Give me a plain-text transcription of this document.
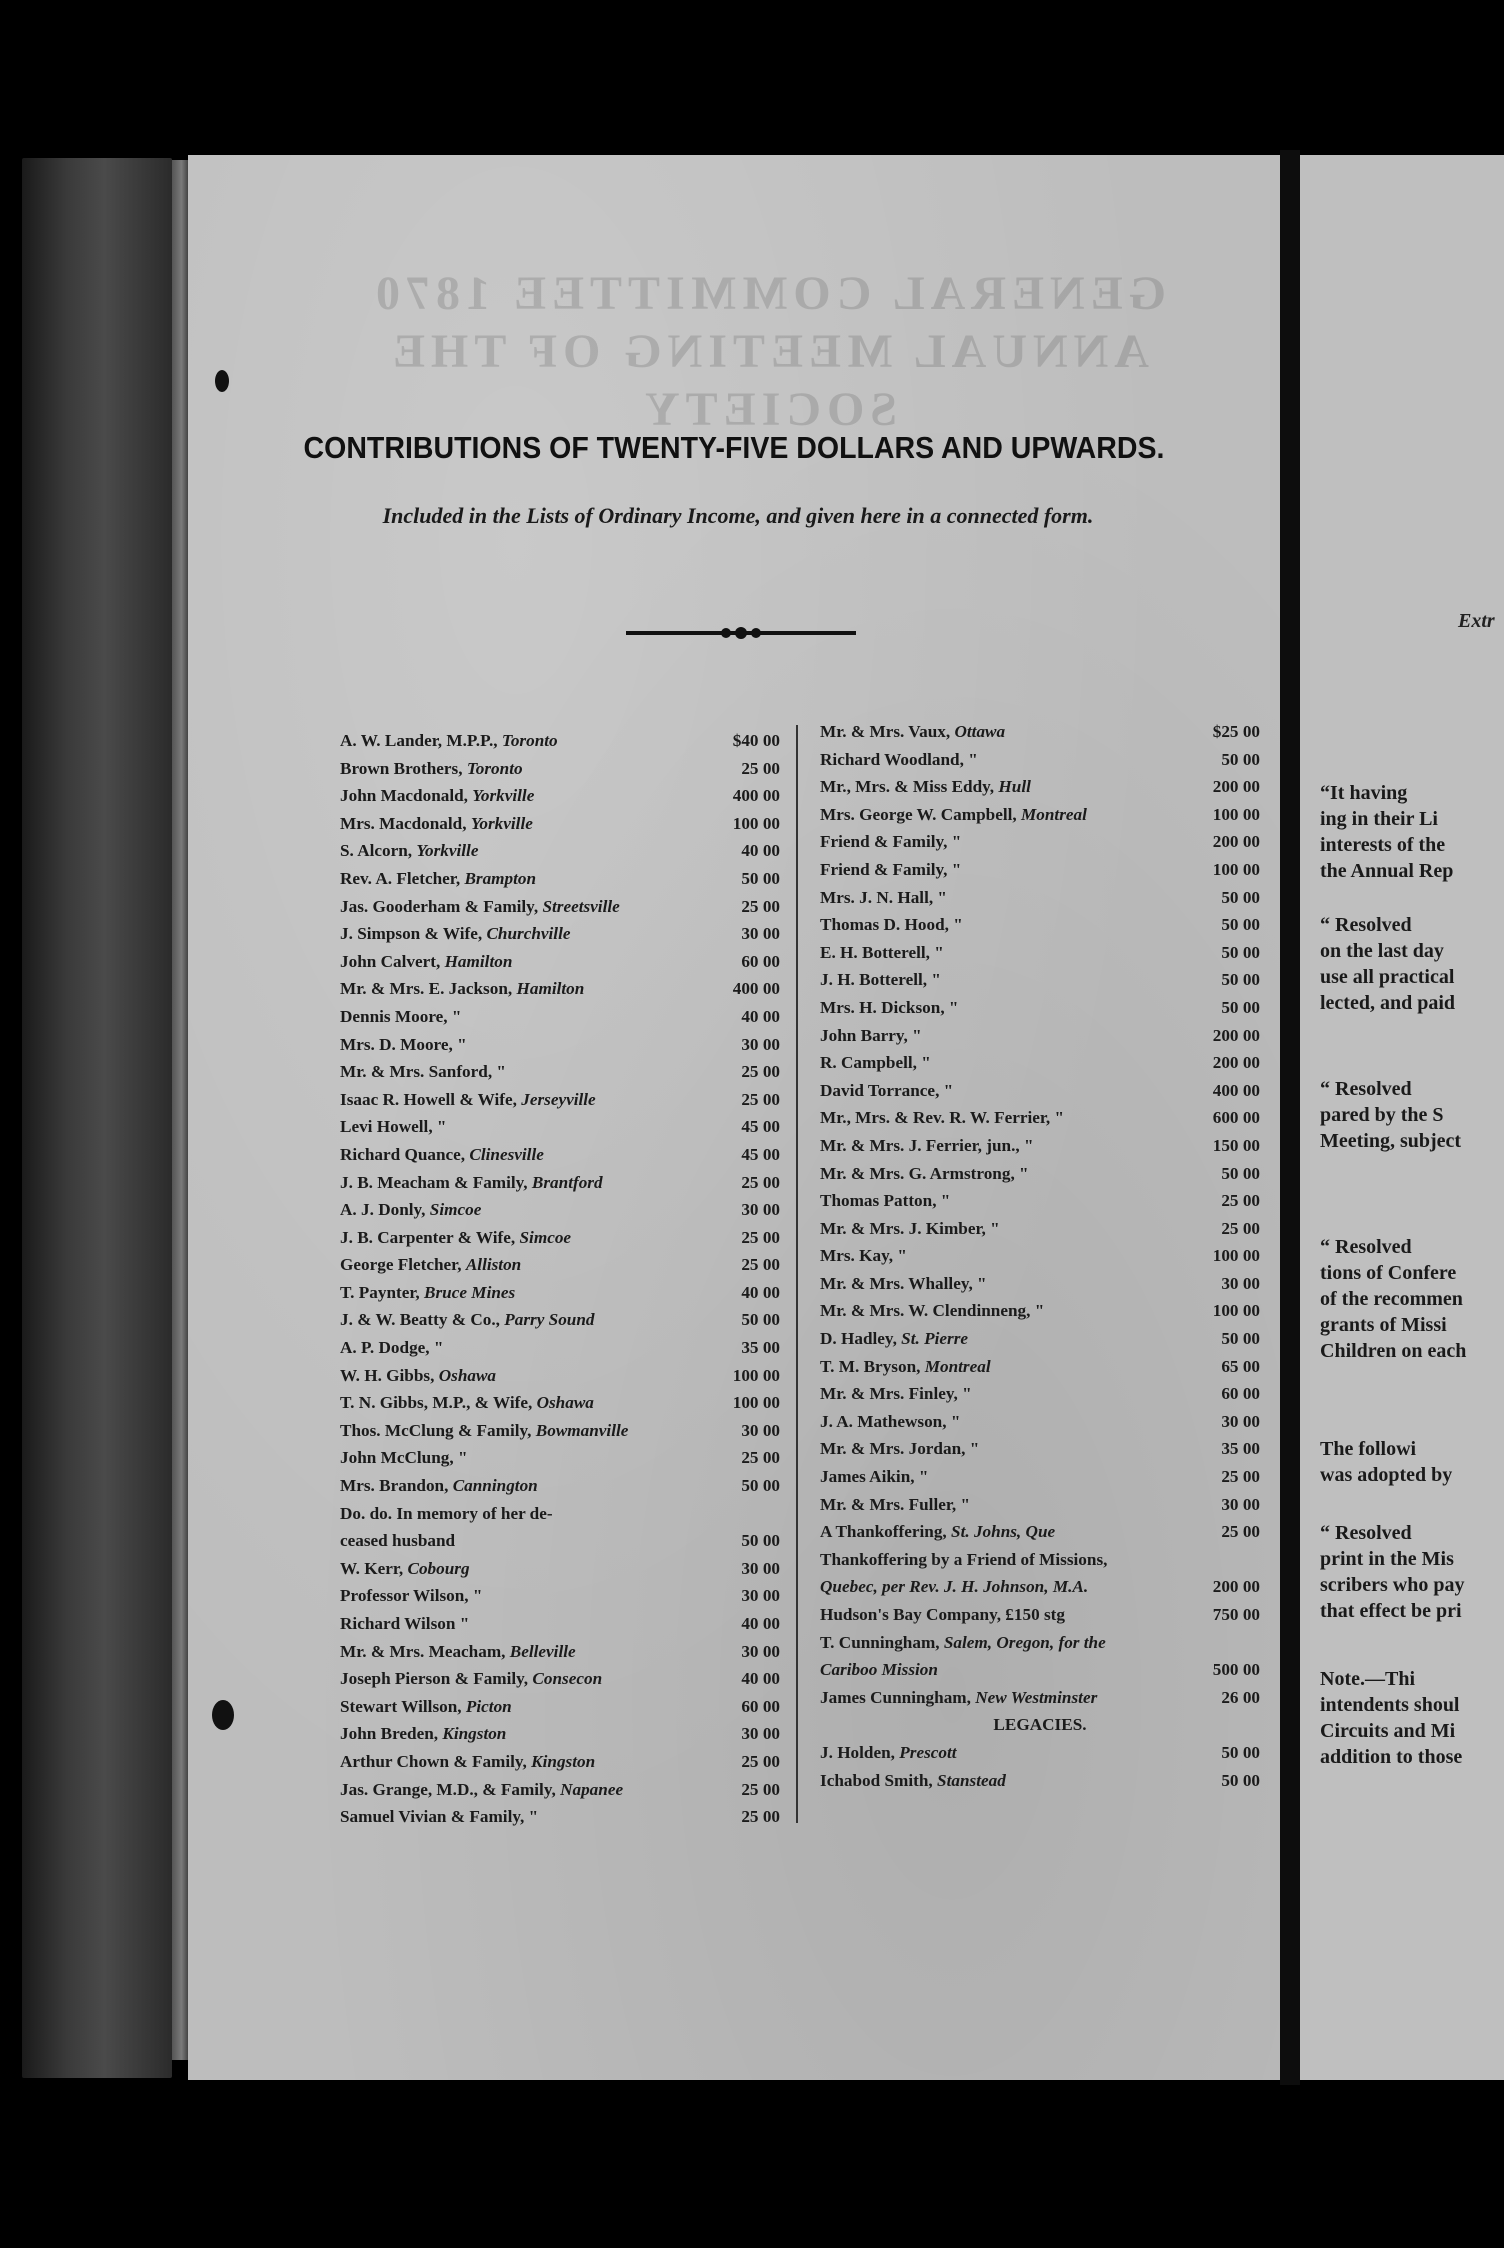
GENERAL COMMITTEE 1870
ANNUAL MEETING OF THE SOCIETY
CONTRIBUTIONS OF TWENTY-FIVE DOLLARS AND UPWARDS.
Included in the Lists of Ordinary Income, and given here in a connected form.
A. W. Lander, M.P.P., Toronto	$40 00
Brown Brothers, Toronto	25 00
John Macdonald, Yorkville	400 00
Mrs. Macdonald, Yorkville	100 00
S. Alcorn, Yorkville	40 00
Rev. A. Fletcher, Brampton	50 00
Jas. Gooderham & Family, Streetsville	25 00
J. Simpson & Wife, Churchville	30 00
John Calvert, Hamilton	60 00
Mr. & Mrs. E. Jackson, Hamilton	400 00
Dennis Moore, "	40 00
Mrs. D. Moore, "	30 00
Mr. & Mrs. Sanford, "	25 00
Isaac R. Howell & Wife, Jerseyville	25 00
Levi Howell, "	45 00
Richard Quance, Clinesville	45 00
J. B. Meacham & Family, Brantford	25 00
A. J. Donly, Simcoe	30 00
J. B. Carpenter & Wife, Simcoe	25 00
George Fletcher, Alliston	25 00
T. Paynter, Bruce Mines	40 00
J. & W. Beatty & Co., Parry Sound	50 00
A. P. Dodge, "	35 00
W. H. Gibbs, Oshawa	100 00
T. N. Gibbs, M.P., & Wife, Oshawa	100 00
Thos. McClung & Family, Bowmanville	30 00
John McClung, "	25 00
Mrs. Brandon, Cannington	50 00
Do. do. In memory of her de-
ceased husband	50 00
W. Kerr, Cobourg	30 00
Professor Wilson, "	30 00
Richard Wilson "	40 00
Mr. & Mrs. Meacham, Belleville	30 00
Joseph Pierson & Family, Consecon	40 00
Stewart Willson, Picton	60 00
John Breden, Kingston	30 00
Arthur Chown & Family, Kingston	25 00
Jas. Grange, M.D., & Family, Napanee	25 00
Samuel Vivian & Family, "	25 00
Mr. & Mrs. Vaux, Ottawa	$25 00
Richard Woodland, "	50 00
Mr., Mrs. & Miss Eddy, Hull	200 00
Mrs. George W. Campbell, Montreal	100 00
Friend & Family, "	200 00
Friend & Family, "	100 00
Mrs. J. N. Hall, "	50 00
Thomas D. Hood, "	50 00
E. H. Botterell, "	50 00
J. H. Botterell, "	50 00
Mrs. H. Dickson, "	50 00
John Barry, "	200 00
R. Campbell, "	200 00
David Torrance, "	400 00
Mr., Mrs. & Rev. R. W. Ferrier, "	600 00
Mr. & Mrs. J. Ferrier, jun., "	150 00
Mr. & Mrs. G. Armstrong, "	50 00
Thomas Patton, "	25 00
Mr. & Mrs. J. Kimber, "	25 00
Mrs. Kay, "	100 00
Mr. & Mrs. Whalley, "	30 00
Mr. & Mrs. W. Clendinneng, "	100 00
D. Hadley, St. Pierre	50 00
T. M. Bryson, Montreal	65 00
Mr. & Mrs. Finley, "	60 00
J. A. Mathewson, "	30 00
Mr. & Mrs. Jordan, "	35 00
James Aikin, "	25 00
Mr. & Mrs. Fuller, "	30 00
A Thankoffering, St. Johns, Que	25 00
Thankoffering by a Friend of Missions,
Quebec, per Rev. J. H. Johnson, M.A.	200 00
Hudson's Bay Company, £150 stg	750 00
T. Cunningham, Salem, Oregon, for the
Cariboo Mission	500 00
James Cunningham, New Westminster	26 00
LEGACIES.
J. Holden, Prescott	50 00
Ichabod Smith, Stanstead	50 00
Extr
“It having
ing in their Li
interests of the
the Annual Rep
“ Resolved
on the last day
use all practical
lected, and paid
“ Resolved
pared by the S
Meeting, subject
“ Resolved
tions of Confere
of the recommen
grants of Missi
Children on each
The followi
was adopted by
“ Resolved
print in the Mis
scribers who pay
that effect be pri
Note.—Thi
intendents shoul
Circuits and Mi
addition to those
